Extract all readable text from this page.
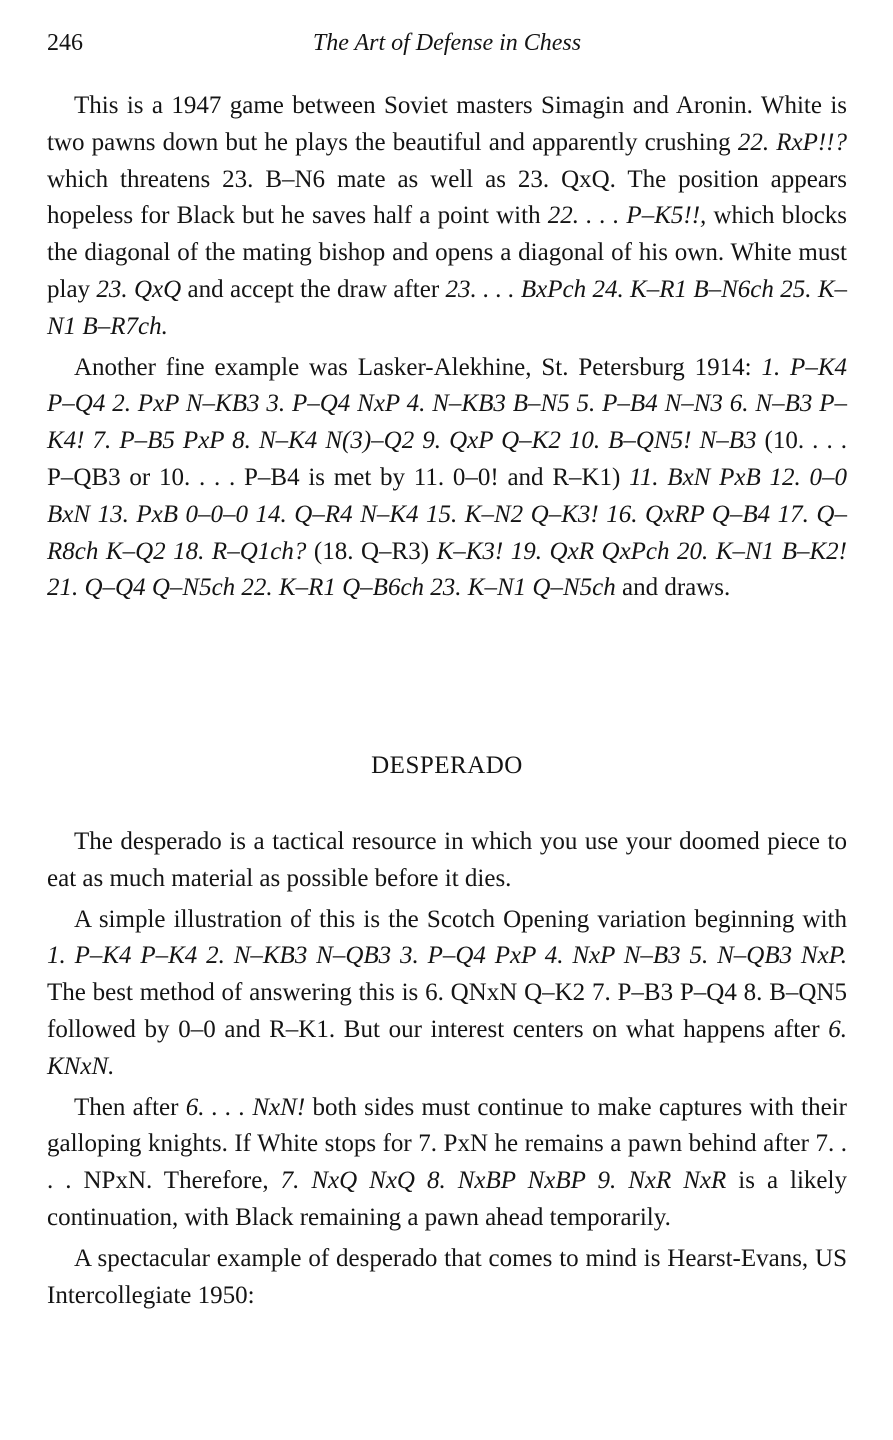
246	The Art of Defense in Chess

This is a 1947 game between Soviet masters Simagin and Aronin. White is two pawns down but he plays the beautiful and apparently crushing 22. RxP!!? which threatens 23. B–N6 mate as well as 23. QxQ. The position appears hopeless for Black but he saves half a point with 22. . . . P–K5!!, which blocks the diagonal of the mating bishop and opens a diagonal of his own. White must play 23. QxQ and accept the draw after 23. . . . BxPch 24. K–R1 B–N6ch 25. K–N1 B–R7ch.

Another fine example was Lasker-Alekhine, St. Petersburg 1914: 1. P–K4 P–Q4 2. PxP N–KB3 3. P–Q4 NxP 4. N–KB3 B–N5 5. P–B4 N–N3 6. N–B3 P–K4! 7. P–B5 PxP 8. N–K4 N(3)–Q2 9. QxP Q–K2 10. B–QN5! N–B3 (10. . . . P–QB3 or 10. . . . P–B4 is met by 11. 0–0! and R–K1) 11. BxN PxB 12. 0–0 BxN 13. PxB 0–0–0 14. Q–R4 N–K4 15. K–N2 Q–K3! 16. QxRP Q–B4 17. Q–R8ch K–Q2 18. R–Q1ch? (18. Q–R3) K–K3! 19. QxR QxPch 20. K–N1 B–K2! 21. Q–Q4 Q–N5ch 22. K–R1 Q–B6ch 23. K–N1 Q–N5ch and draws.

DESPERADO

The desperado is a tactical resource in which you use your doomed piece to eat as much material as possible before it dies.

A simple illustration of this is the Scotch Opening variation beginning with 1. P–K4 P–K4 2. N–KB3 N–QB3 3. P–Q4 PxP 4. NxP N–B3 5. N–QB3 NxP. The best method of answering this is 6. QNxN Q–K2 7. P–B3 P–Q4 8. B–QN5 followed by 0–0 and R–K1. But our interest centers on what happens after 6. KNxN.

Then after 6. . . . NxN! both sides must continue to make captures with their galloping knights. If White stops for 7. PxN he remains a pawn behind after 7. . . . NPxN. Therefore, 7. NxQ NxQ 8. NxBP NxBP 9. NxR NxR is a likely continuation, with Black remaining a pawn ahead temporarily.

A spectacular example of desperado that comes to mind is Hearst-Evans, US Intercollegiate 1950:
